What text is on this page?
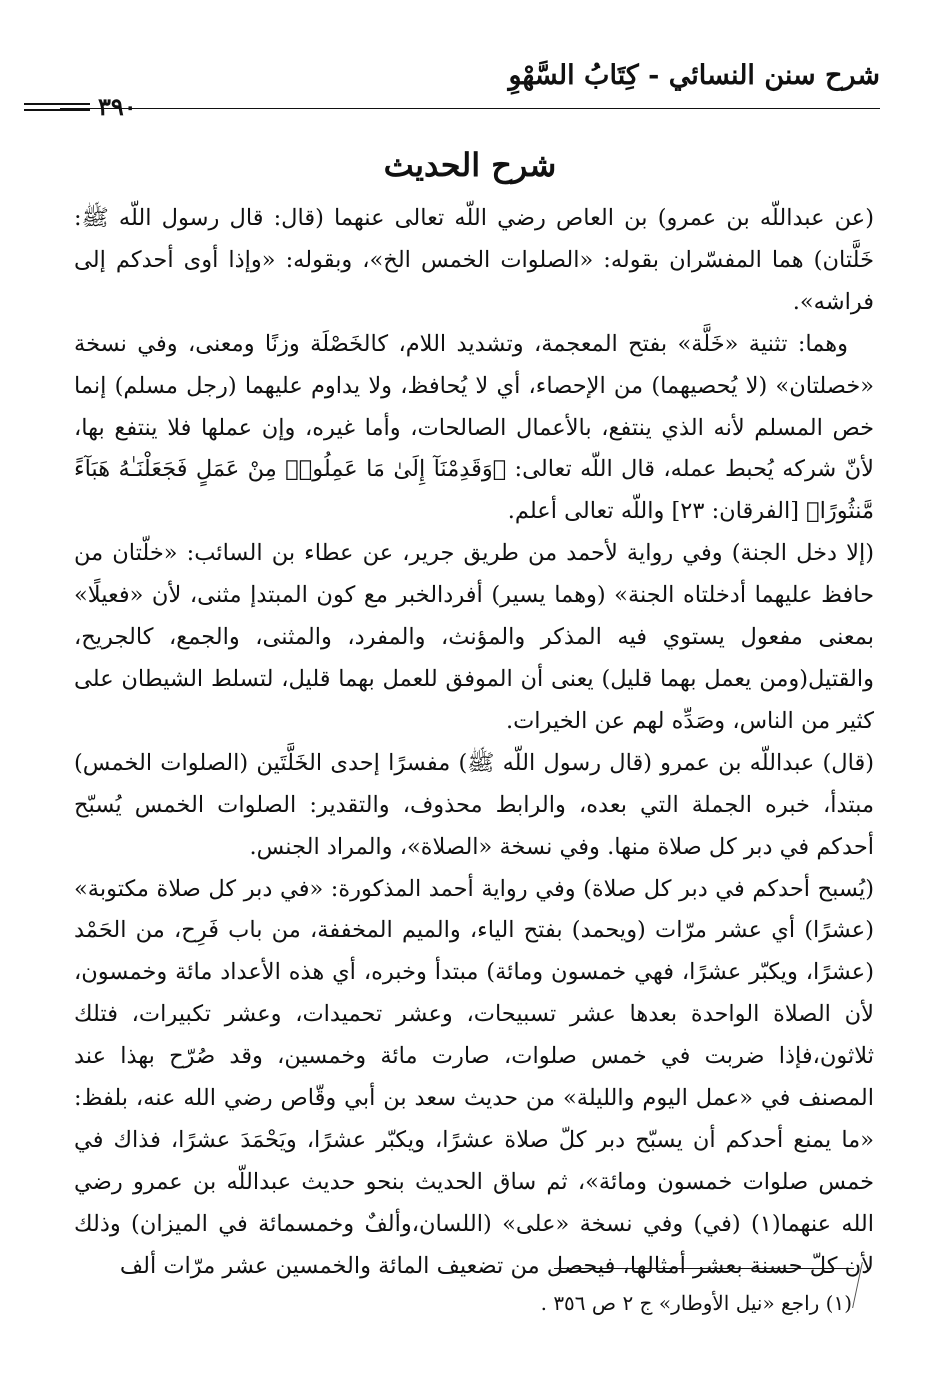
شرح سنن النسائي - كِتَابُ السَّهْوِ
٣٩٠
شرح الحديث

(عن عبداللّه بن عمرو) بن العاص رضي اللّه تعالى عنهما (قال: قال رسول اللّه ﷺ: خَلَّتان) هما المفسّران بقوله: «الصلوات الخمس الخ»، وبقوله: «وإذا أوى أحدكم إلى فراشه».

وهما: تثنية «خَلَّة» بفتح المعجمة، وتشديد اللام، كالخَصْلَة وزنًا ومعنى، وفي نسخة «خصلتان» (لا يُحصيهما) من الإحصاء، أي لا يُحافظ، ولا يداوم عليهما (رجل مسلم) إنما خص المسلم لأنه الذي ينتفع، بالأعمال الصالحات، وأما غيره، وإن عملها فلا ينتفع بها، لأنّ شركه يُحبط عمله، قال اللّه تعالى: ﴿وَقَدِمْنَآ إِلَىٰ مَا عَمِلُوا۟ مِنْ عَمَلٍ فَجَعَلْنَـٰهُ هَبَآءً مَّنثُورًا﴾ [الفرقان: ٢٣] واللّه تعالى أعلم.

(إلا دخل الجنة) وفي رواية لأحمد من طريق جرير، عن عطاء بن السائب: «خلّتان من حافظ عليهما أدخلتاه الجنة» (وهما يسير) أفردالخبر مع كون المبتدإ مثنى، لأن «فعيلًا» بمعنى مفعول يستوي فيه المذكر والمؤنث، والمفرد، والمثنى، والجمع، كالجريح، والقتيل(ومن يعمل بهما قليل) يعنى أن الموفق للعمل بهما قليل، لتسلط الشيطان على كثير من الناس، وصَدِّه لهم عن الخيرات.

(قال) عبداللّه بن عمرو (قال رسول اللّه ﷺ) مفسرًا إحدى الخَلَّتَين (الصلوات الخمس) مبتدأ، خبره الجملة التي بعده، والرابط محذوف، والتقدير: الصلوات الخمس يُسبّح أحدكم في دبر كل صلاة منها. وفي نسخة «الصلاة»، والمراد الجنس.

(يُسبح أحدكم في دبر كل صلاة) وفي رواية أحمد المذكورة: «في دبر كل صلاة مكتوبة» (عشرًا) أي عشر مرّات (ويحمد) بفتح الياء، والميم المخففة، من باب فَرِح، من الحَمْد (عشرًا، ويكبّر عشرًا، فهي خمسون ومائة) مبتدأ وخبره، أي هذه الأعداد مائة وخمسون، لأن الصلاة الواحدة بعدها عشر تسبيحات، وعشر تحميدات، وعشر تكبيرات، فتلك ثلاثون،فإذا ضربت في خمس صلوات، صارت مائة وخمسين، وقد صُرّح بهذا عند المصنف في «عمل اليوم والليلة» من حديث سعد بن أبي وقّاص رضي الله عنه، بلفظ: «ما يمنع أحدكم أن يسبّح دبر كلّ صلاة عشرًا، ويكبّر عشرًا، ويَحْمَدَ عشرًا، فذاك في خمس صلوات خمسون ومائة»، ثم ساق الحديث بنحو حديث عبداللّه بن عمرو رضي الله عنهما(١) (في) وفي نسخة «على» (اللسان،وألفٌ وخمسمائة في الميزان) وذلك لأن كلّ حسنة بعشر أمثالها، فيحصل من تضعيف المائة والخمسين عشر مرّات ألف

(١) راجع «نيل الأوطار» ج ٢ ص ٣٥٦ .
